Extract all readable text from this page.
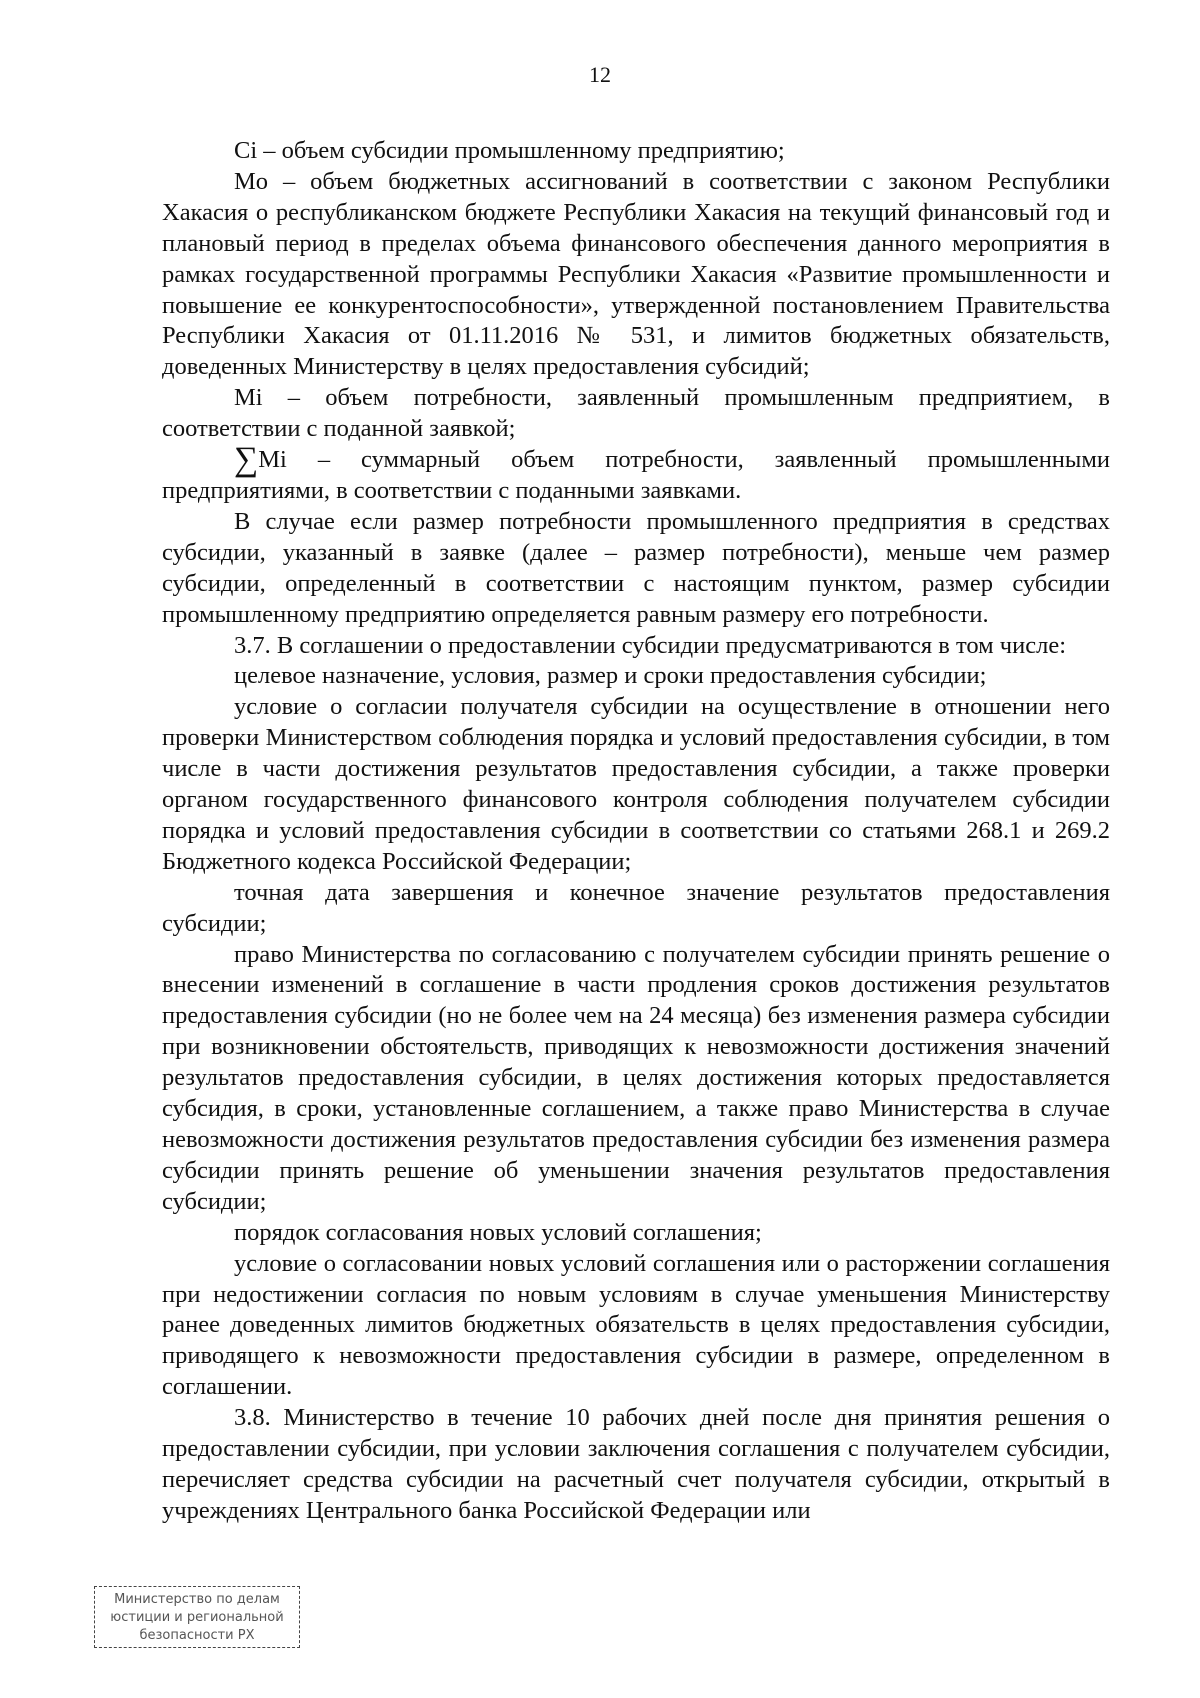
12

Ci – объем субсидии промышленному предприятию;

Mo – объем бюджетных ассигнований в соответствии с законом Республики Хакасия о республиканском бюджете Республики Хакасия на текущий финансовый год и плановый период в пределах объема финансового обеспечения данного мероприятия в рамках государственной программы Республики Хакасия «Развитие промышленности и повышение ее конкурентоспособности», утвержденной постановлением Правительства Республики Хакасия от 01.11.2016 № 531, и лимитов бюджетных обязательств, доведенных Министерству в целях предоставления субсидий;

Mi – объем потребности, заявленный промышленным предприятием, в соответствии с поданной заявкой;

∑Mi – суммарный объем потребности, заявленный промышленными предприятиями, в соответствии с поданными заявками.

В случае если размер потребности промышленного предприятия в средствах субсидии, указанный в заявке (далее – размер потребности), меньше чем размер субсидии, определенный в соответствии с настоящим пунктом, размер субсидии промышленному предприятию определяется равным размеру его потребности.

3.7. В соглашении о предоставлении субсидии предусматриваются в том числе:

целевое назначение, условия, размер и сроки предоставления субсидии;

условие о согласии получателя субсидии на осуществление в отношении него проверки Министерством соблюдения порядка и условий предоставления субсидии, в том числе в части достижения результатов предоставления субсидии, а также проверки органом государственного финансового контроля соблюдения получателем субсидии порядка и условий предоставления субсидии в соответствии со статьями 268.1 и 269.2 Бюджетного кодекса Российской Федерации;

точная дата завершения и конечное значение результатов предоставления субсидии;

право Министерства по согласованию с получателем субсидии принять решение о внесении изменений в соглашение в части продления сроков достижения результатов предоставления субсидии (но не более чем на 24 месяца) без изменения размера субсидии при возникновении обстоятельств, приводящих к невозможности достижения значений результатов предоставления субсидии, в целях достижения которых предоставляется субсидия, в сроки, установленные соглашением, а также право Министерства в случае невозможности достижения результатов предоставления субсидии без изменения размера субсидии принять решение об уменьшении значения результатов предоставления субсидии;

порядок согласования новых условий соглашения;

условие о согласовании новых условий соглашения или о расторжении соглашения при недостижении согласия по новым условиям в случае уменьшения Министерству ранее доведенных лимитов бюджетных обязательств в целях предоставления субсидии, приводящего к невозможности предоставления субсидии в размере, определенном в соглашении.

3.8. Министерство в течение 10 рабочих дней после дня принятия решения о предоставлении субсидии, при условии заключения соглашения с получателем субсидии, перечисляет средства субсидии на расчетный счет получателя субсидии, открытый в учреждениях Центрального банка Российской Федерации или

Министерство по делам
юстиции и региональной
безопасности РХ
